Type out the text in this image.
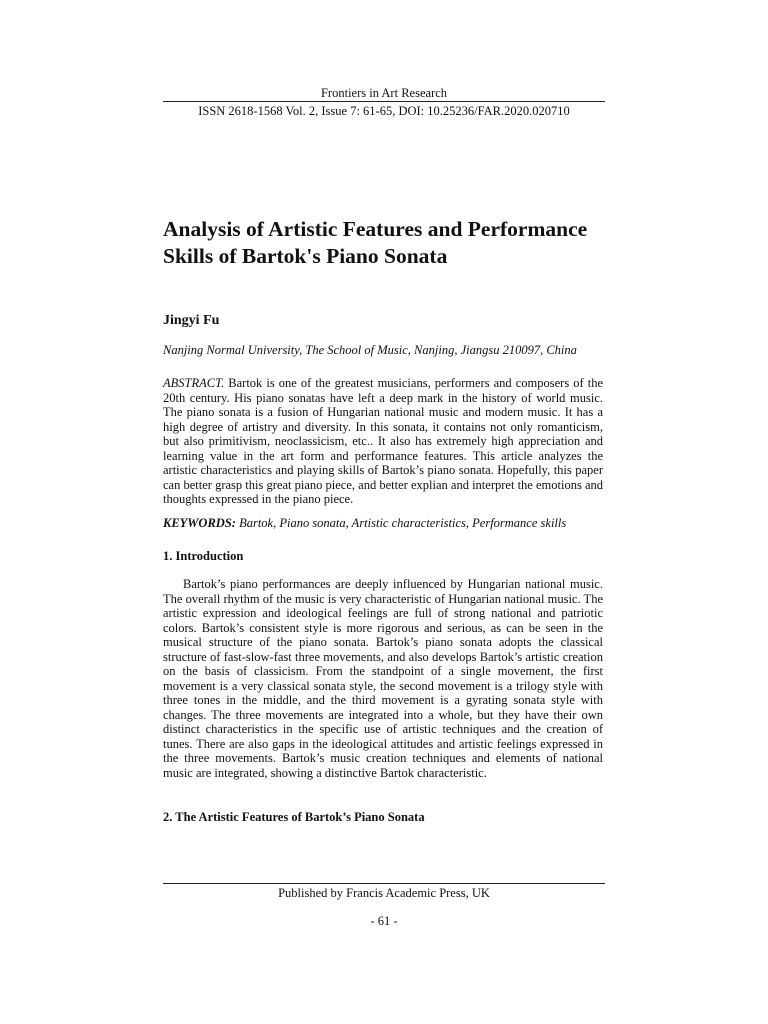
Frontiers in Art Research
ISSN 2618-1568 Vol. 2, Issue 7: 61-65, DOI: 10.25236/FAR.2020.020710
Analysis of Artistic Features and Performance Skills of Bartok's Piano Sonata
Jingyi Fu
Nanjing Normal University, The School of Music, Nanjing, Jiangsu 210097, China

ABSTRACT. Bartok is one of the greatest musicians, performers and composers of the 20th century. His piano sonatas have left a deep mark in the history of world music. The piano sonata is a fusion of Hungarian national music and modern music. It has a high degree of artistry and diversity. In this sonata, it contains not only romanticism, but also primitivism, neoclassicism, etc.. It also has extremely high appreciation and learning value in the art form and performance features. This article analyzes the artistic characteristics and playing skills of Bartok’s piano sonata. Hopefully, this paper can better grasp this great piano piece, and better explian and interpret the emotions and thoughts expressed in the piano piece.

KEYWORDS: Bartok, Piano sonata, Artistic characteristics, Performance skills
1. Introduction

Bartok’s piano performances are deeply influenced by Hungarian national music. The overall rhythm of the music is very characteristic of Hungarian national music. The artistic expression and ideological feelings are full of strong national and patriotic colors. Bartok’s consistent style is more rigorous and serious, as can be seen in the musical structure of the piano sonata. Bartok’s piano sonata adopts the classical structure of fast-slow-fast three movements, and also develops Bartok’s artistic creation on the basis of classicism. From the standpoint of a single movement, the first movement is a very classical sonata style, the second movement is a trilogy style with three tones in the middle, and the third movement is a gyrating sonata style with changes. The three movements are integrated into a whole, but they have their own distinct characteristics in the specific use of artistic techniques and the creation of tunes. There are also gaps in the ideological attitudes and artistic feelings expressed in the three movements. Bartok’s music creation techniques and elements of national music are integrated, showing a distinctive Bartok characteristic.

2. The Artistic Features of Bartok’s Piano Sonata
Published by Francis Academic Press, UK
- 61 -
